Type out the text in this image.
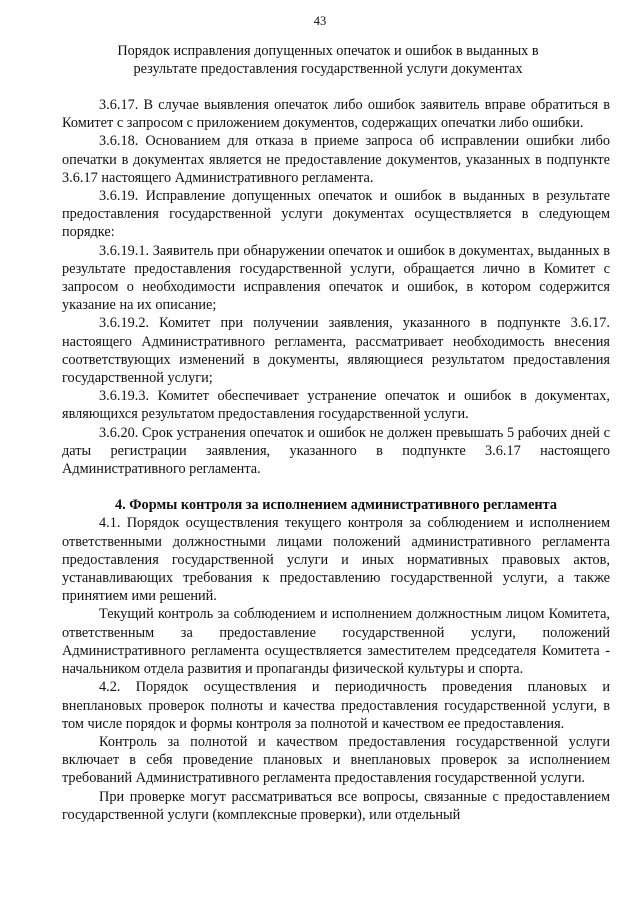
43
Порядок исправления допущенных опечаток и ошибок в выданных в результате предоставления государственной услуги документах

3.6.17. В случае выявления опечаток либо ошибок заявитель вправе обратиться в Комитет с запросом с приложением документов, содержащих опечатки либо ошибки.

3.6.18. Основанием для отказа в приеме запроса об исправлении ошибки либо опечатки в документах является не предоставление документов, указанных в подпункте 3.6.17 настоящего Административного регламента.

3.6.19. Исправление допущенных опечаток и ошибок в выданных в результате предоставления государственной услуги документах осуществляется в следующем порядке:

3.6.19.1. Заявитель при обнаружении опечаток и ошибок в документах, выданных в результате предоставления государственной услуги, обращается лично в Комитет с запросом о необходимости исправления опечаток и ошибок, в котором содержится указание на их описание;

3.6.19.2. Комитет при получении заявления, указанного в подпункте 3.6.17. настоящего Административного регламента, рассматривает необходимость внесения соответствующих изменений в документы, являющиеся результатом предоставления государственной услуги;

3.6.19.3. Комитет обеспечивает устранение опечаток и ошибок в документах, являющихся результатом предоставления государственной услуги.

3.6.20. Срок устранения опечаток и ошибок не должен превышать 5 рабочих дней с даты регистрации заявления, указанного в подпункте 3.6.17 настоящего Административного регламента.

4. Формы контроля за исполнением административного регламента

4.1. Порядок осуществления текущего контроля за соблюдением и исполнением ответственными должностными лицами положений административного регламента предоставления государственной услуги и иных нормативных правовых актов, устанавливающих требования к предоставлению государственной услуги, а также принятием ими решений.

Текущий контроль за соблюдением и исполнением должностным лицом Комитета, ответственным за предоставление государственной услуги, положений Административного регламента осуществляется заместителем председателя Комитета - начальником отдела развития и пропаганды физической культуры и спорта.

4.2. Порядок осуществления и периодичность проведения плановых и внеплановых проверок полноты и качества предоставления государственной услуги, в том числе порядок и формы контроля за полнотой и качеством ее предоставления.

Контроль за полнотой и качеством предоставления государственной услуги включает в себя проведение плановых и внеплановых проверок за исполнением требований Административного регламента предоставления государственной услуги.

При проверке могут рассматриваться все вопросы, связанные с предоставлением государственной услуги (комплексные проверки), или отдельный
